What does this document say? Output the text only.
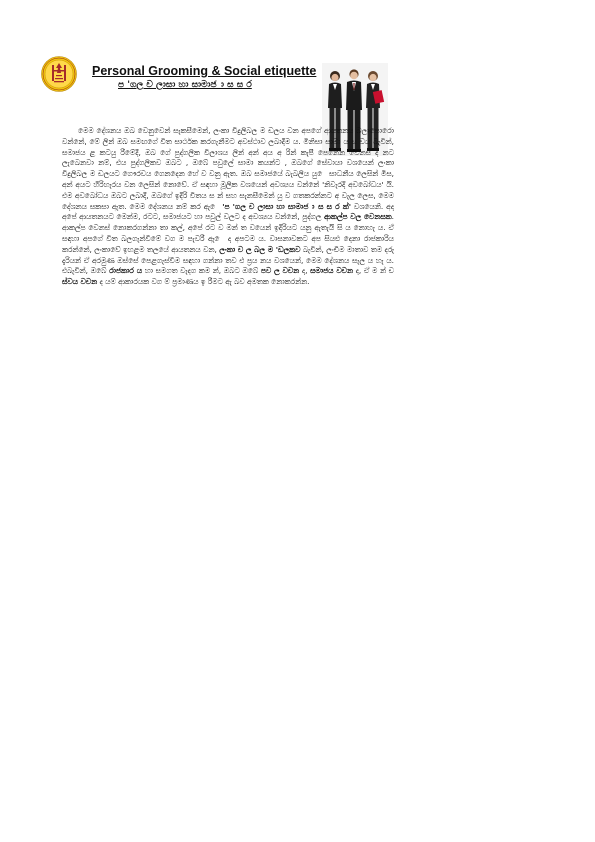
Personal Grooming & Social etiquette
ප 'ගල ච ලාසා හා සාමාජ ා ස ස ර

මෙම දේශනය ඔබ වෙනුවෙන් සැකසීමෙන්, ලංකා විදුලිබල ම ඩලය වන අපගේ ආයතනය බලාපොරො වන්නේ, මේ ලින් ඔබ සමඟගේ විත සාර්ථක කරගැනීමට අවස්ථාව ලබාදීම ය. මිනිසා සාමා ය ස වය බැවින්, සමාජය ළ කටයු රීමේදී, ඔබ ගේ පුද්ගලික විලාශය ලින් අන් අය අ රින් කැපී පෙනෙන වෙනස ද නට ලැබෙනවා නම්, එය පුද්ගලිකව ඔබට , ඔබේ පවුලේ සාමා කයන්ට , ඔබගේ සේවායා වශයෙන් ලංකා විදුලිබල ම ඩලයට ගෞරවය ගෙනදෙන හේ ව වනු ඇත. ඔබ සමාජයේ බැබලිය යු ෙ සාධනීය ලෙසින් මිස, අන් අයට හිරිහැරය වන ලෙසින් නොවේ. ඒ සඳහා මූලික වශයෙන් අවශ්‍යය වන්නේ 'නිවැරදි අවබෝධය' යි. එම අවබෝධය ඔබට ලබාදී, ඔබගේ ඉදිරි විතය ස න් සහ සැනසීමෙන් යු ව ගතකරන්නට අ වැල ලෙස, මෙම දේශනය සකසා ඇත. මෙම දේශනය නම් කර ඇ ෙ 'ප 'ගල ච ලාසා හා සාමාජ ා ස ස ර ක්' වශයෙනි. අද අපේ ආයතනයට මෙන්ම, රටට, සමාජයට හා පවුල් වලට ද අවශ්‍යය වන්නේ, පුද්ගල ආකල්ප වල වෙනසක. ආකල්ප වෙනස් නොකරගන්නා තා කල්, අපේ රට ව මන් ත වයෙන් ඉදිරියට යනු ඇතැයි සි ය නොහැ ය. ඒ සඳහා අපගේ විත බලගැන්වීමේ වග ම පැවරී ඇ ෙ ද අපටම ය. වාසනාවකට අප සියළු දෙනා රාජකාරිය කරන්නේ, ලංකාවේ ඉහළම තලයේ ආයතනය වන, ලංකා ච ල බල ම 'ඩලකව බැවින්, ලංචිම මාතාව තම දරු දැරියන් ඒ අරමුණ ඔස්සේ පෙළගැස්වීම සඳහා ගන්නා තව එ ප්‍රය නය වශයෙන්, මෙම දේශනය සැල ය හැ ය. එබැවින්, ඔබේ රාජකාර ය හා සමගත වැදග කම න්, ඔබට ඔබේ පව ල වචන ද, සමාජය වචන ද, ඒ ම න් ච ස්වය වචන ද යම් ආකාරයක වග ම් ප්‍රමාණය ඉ රීමට ඇ බව අමතක නොකරන්න.
